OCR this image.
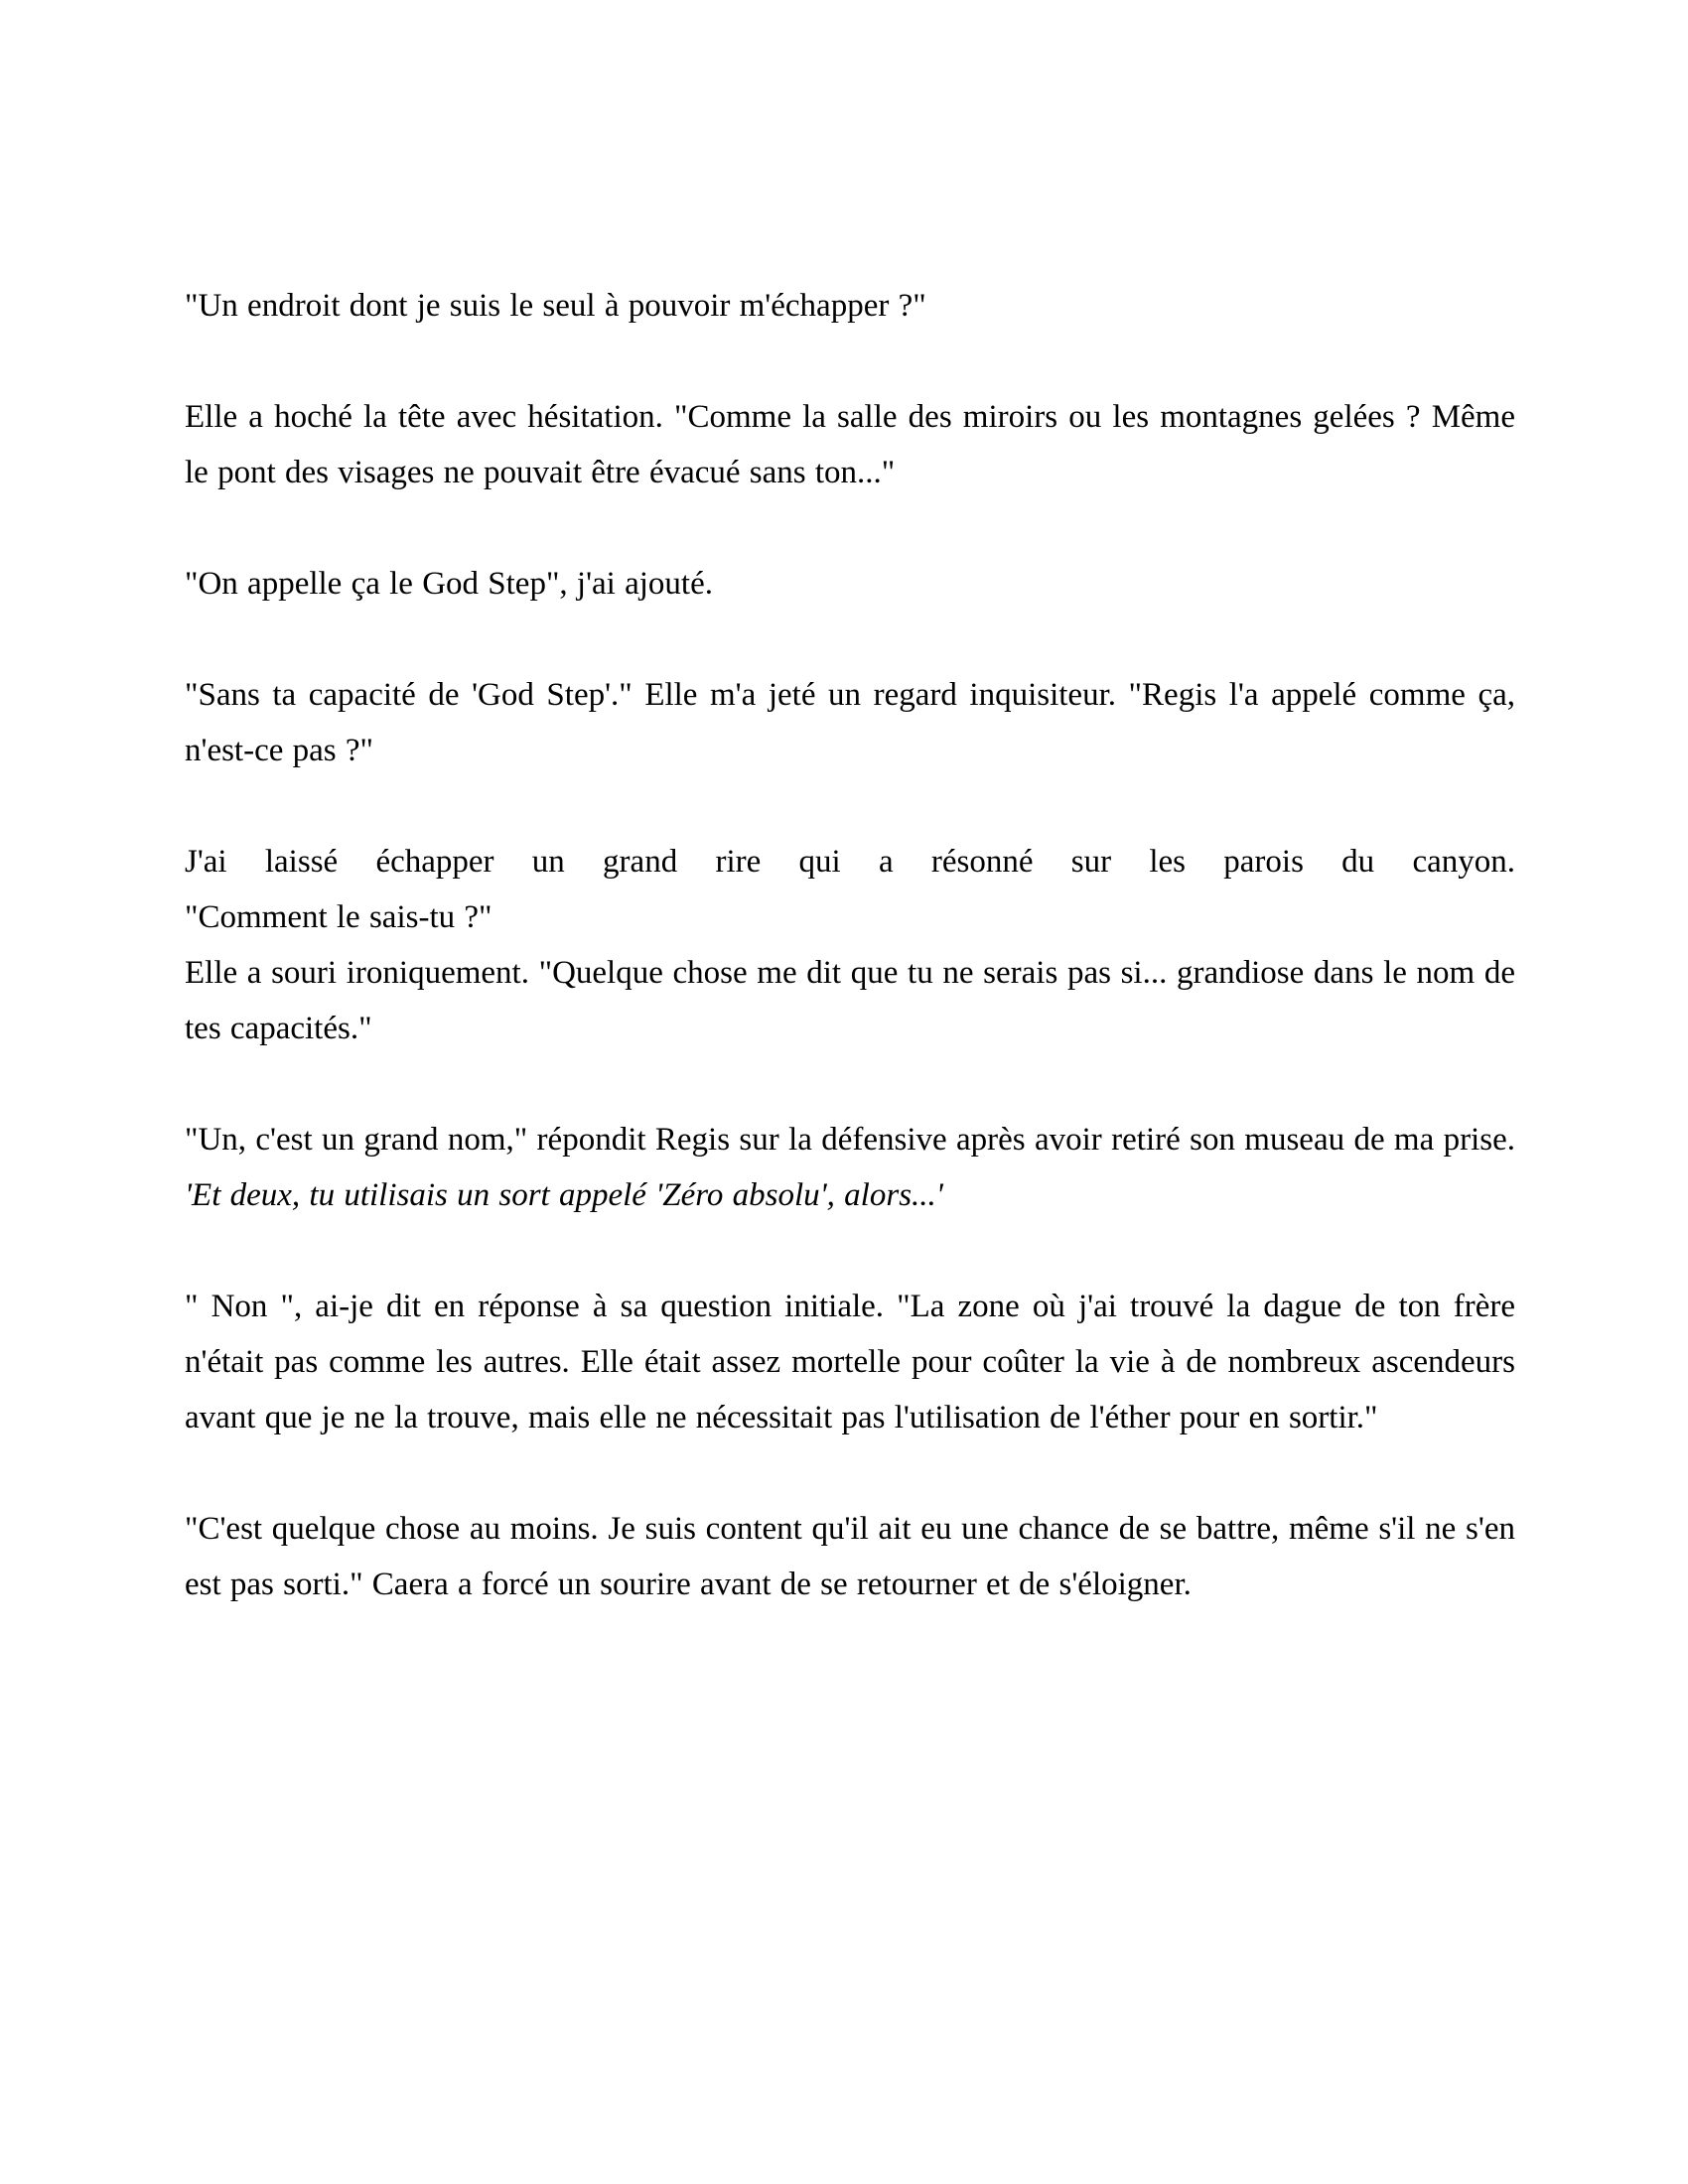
"Un endroit dont je suis le seul à pouvoir m'échapper ?"

Elle a hoché la tête avec hésitation. "Comme la salle des miroirs ou les montagnes gelées ? Même le pont des visages ne pouvait être évacué sans ton..."

"On appelle ça le God Step", j'ai ajouté.

"Sans ta capacité de 'God Step'." Elle m'a jeté un regard inquisiteur. "Regis l'a appelé comme ça, n'est-ce pas ?"

J'ai laissé échapper un grand rire qui a résonné sur les parois du canyon.

"Comment le sais-tu ?"

Elle a souri ironiquement. "Quelque chose me dit que tu ne serais pas si... grandiose dans le nom de tes capacités."

"Un, c'est un grand nom," répondit Regis sur la défensive après avoir retiré son museau de ma prise. 'Et deux, tu utilisais un sort appelé 'Zéro absolu', alors...'

" Non ", ai-je dit en réponse à sa question initiale. "La zone où j'ai trouvé la dague de ton frère n'était pas comme les autres. Elle était assez mortelle pour coûter la vie à de nombreux ascendeurs avant que je ne la trouve, mais elle ne nécessitait pas l'utilisation de l'éther pour en sortir."

"C'est quelque chose au moins. Je suis content qu'il ait eu une chance de se battre, même s'il ne s'en est pas sorti." Caera a forcé un sourire avant de se retourner et de s'éloigner.
